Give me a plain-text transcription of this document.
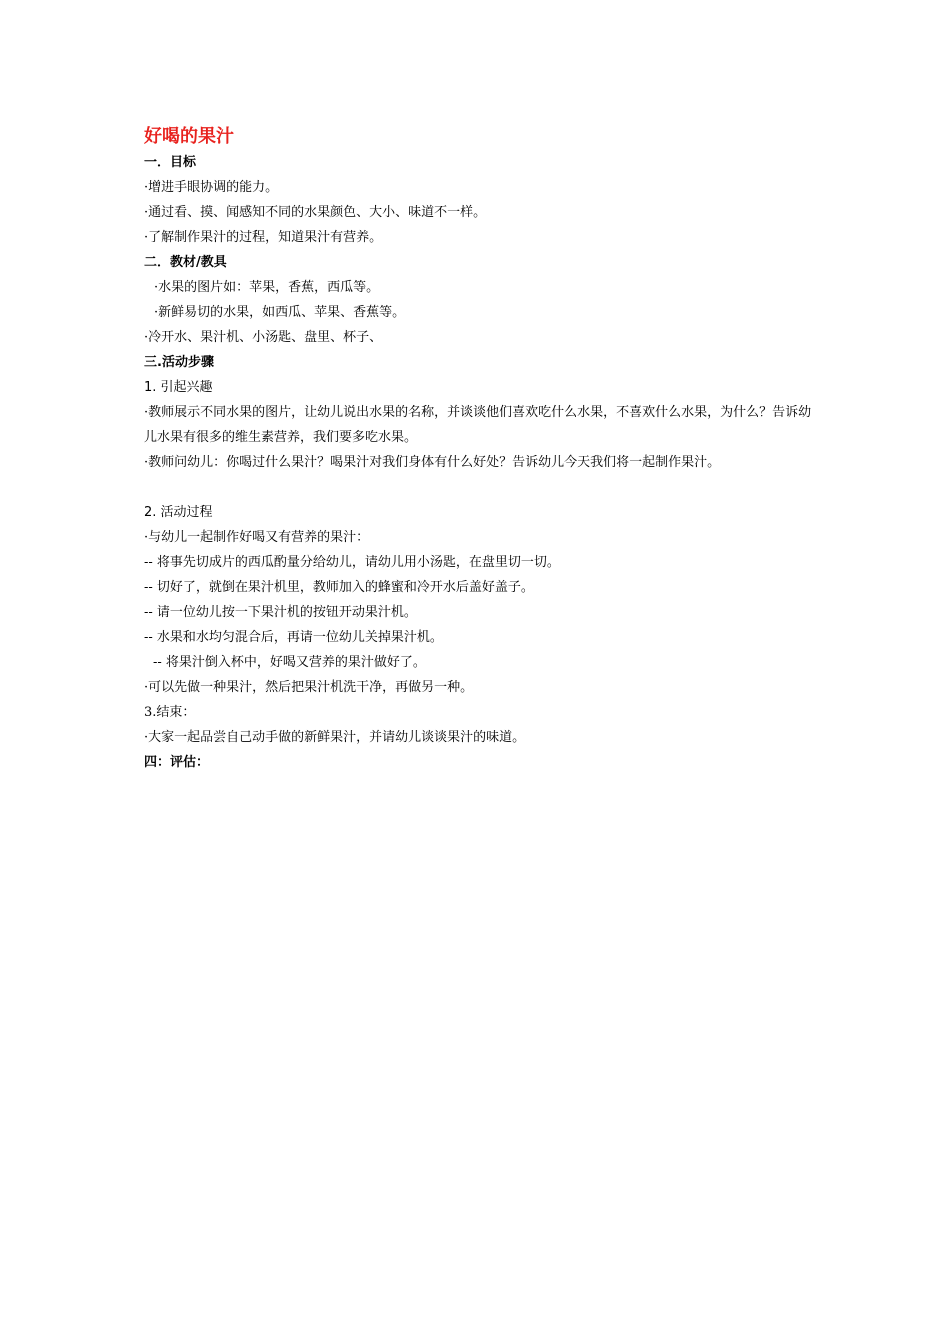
好喝的果汁
一．目标
·增进手眼协调的能力。
·通过看、摸、闻感知不同的水果颜色、大小、味道不一样。
·了解制作果汁的过程，知道果汁有营养。
二．教材/教具
·水果的图片如：苹果，香蕉，西瓜等。
·新鲜易切的水果，如西瓜、苹果、香蕉等。
·冷开水、果汁机、小汤匙、盘里、杯子、
三.活动步骤
1. 引起兴趣
·教师展示不同水果的图片，让幼儿说出水果的名称，并谈谈他们喜欢吃什么水果，不喜欢什么水果，为什么？告诉幼儿水果有很多的维生素营养，我们要多吃水果。
·教师问幼儿：你喝过什么果汁？喝果汁对我们身体有什么好处？告诉幼儿今天我们将一起制作果汁。
2. 活动过程
·与幼儿一起制作好喝又有营养的果汁：
-- 将事先切成片的西瓜酌量分给幼儿，请幼儿用小汤匙，在盘里切一切。
-- 切好了，就倒在果汁机里，教师加入的蜂蜜和冷开水后盖好盖子。
-- 请一位幼儿按一下果汁机的按钮开动果汁机。
-- 水果和水均匀混合后，再请一位幼儿关掉果汁机。
-- 将果汁倒入杯中，好喝又营养的果汁做好了。
·可以先做一种果汁，然后把果汁机洗干净，再做另一种。
3.结束：
·大家一起品尝自己动手做的新鲜果汁，并请幼儿谈谈果汁的味道。
四：评估：
